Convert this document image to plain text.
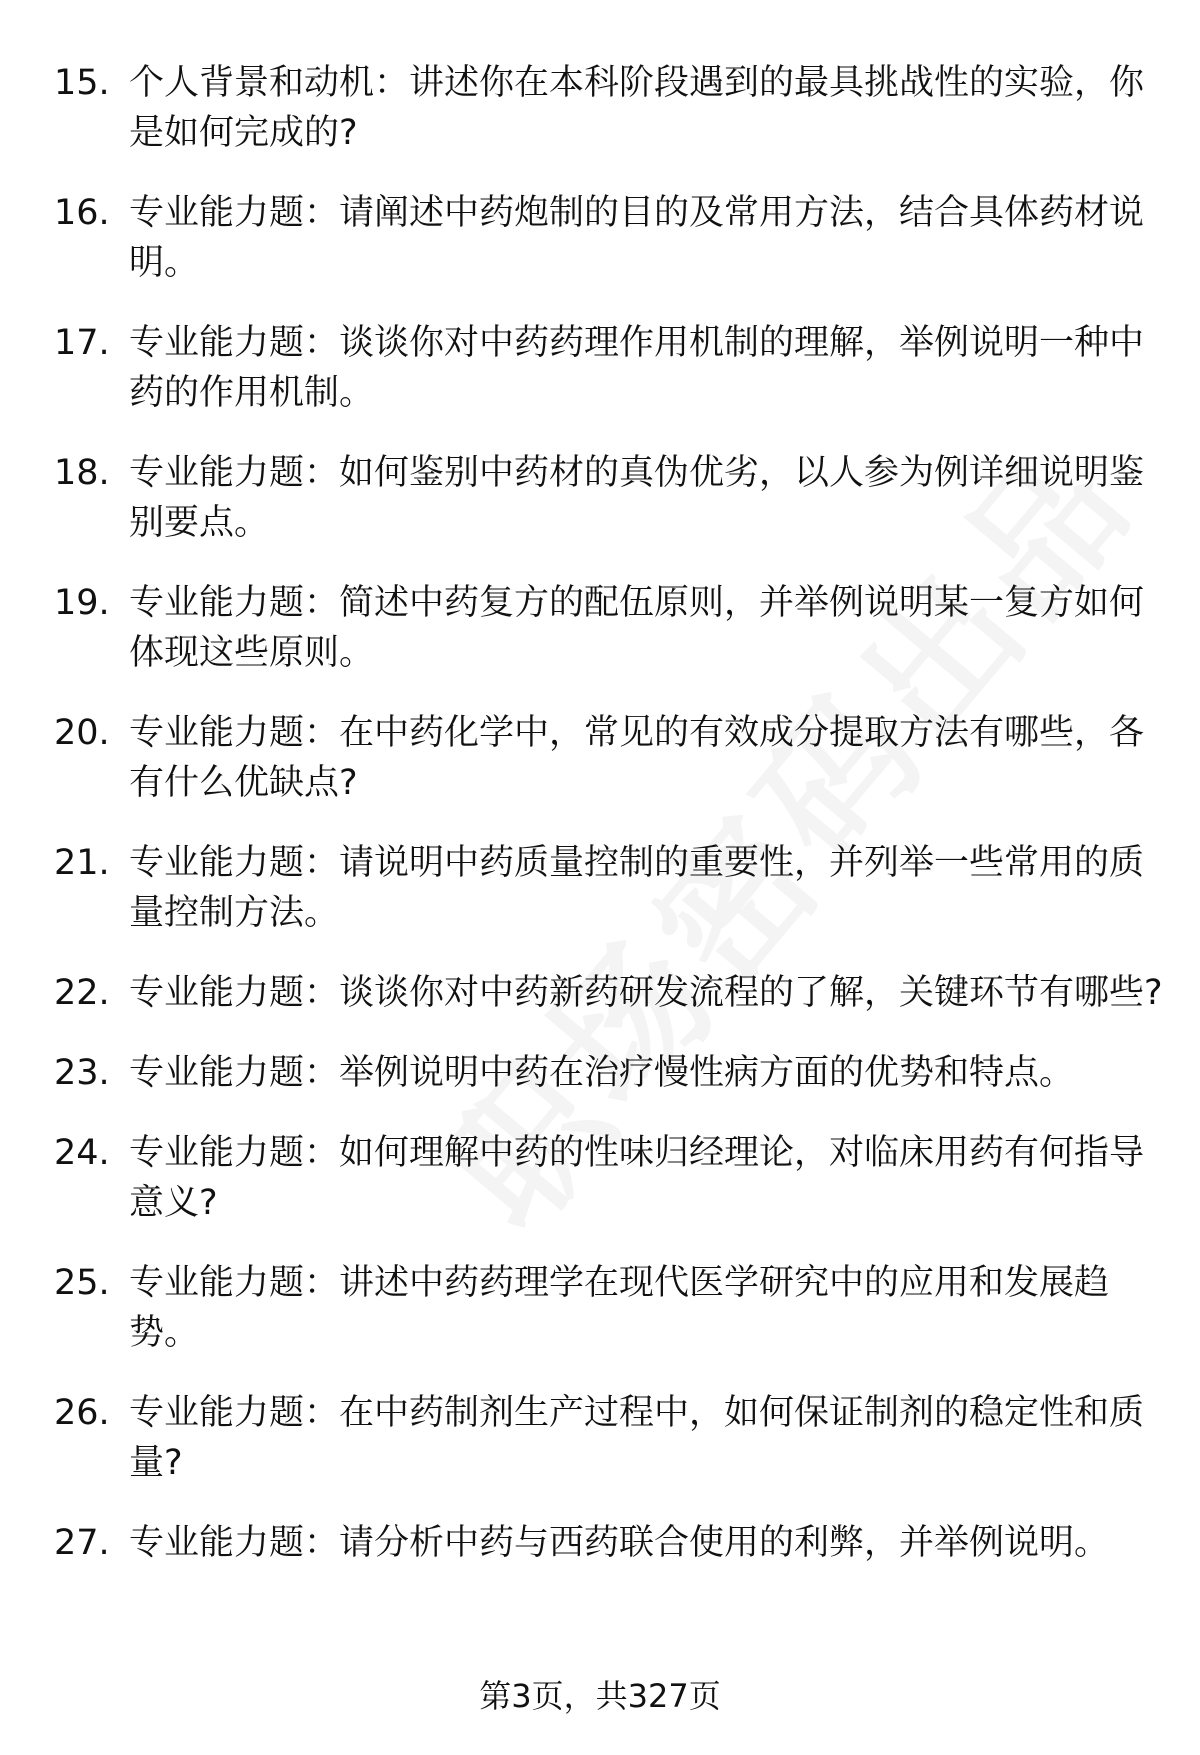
15. 个人背景和动机：讲述你在本科阶段遇到的最具挑战性的实验，你是如何完成的?
16. 专业能力题：请阐述中药炮制的目的及常用方法，结合具体药材说明。
17. 专业能力题：谈谈你对中药药理作用机制的理解，举例说明一种中药的作用机制。
18. 专业能力题：如何鉴别中药材的真伪优劣，以人参为例详细说明鉴别要点。
19. 专业能力题：简述中药复方的配伍原则，并举例说明某一复方如何体现这些原则。
20. 专业能力题：在中药化学中，常见的有效成分提取方法有哪些，各有什么优缺点?
21. 专业能力题：请说明中药质量控制的重要性，并列举一些常用的质量控制方法。
22. 专业能力题：谈谈你对中药新药研发流程的了解，关键环节有哪些?
23. 专业能力题：举例说明中药在治疗慢性病方面的优势和特点。
24. 专业能力题：如何理解中药的性味归经理论，对临床用药有何指导意义?
25. 专业能力题：讲述中药药理学在现代医学研究中的应用和发展趋势。
26. 专业能力题：在中药制剂生产过程中，如何保证制剂的稳定性和质量?
27. 专业能力题：请分析中药与西药联合使用的利弊，并举例说明。
第3页，共327页
